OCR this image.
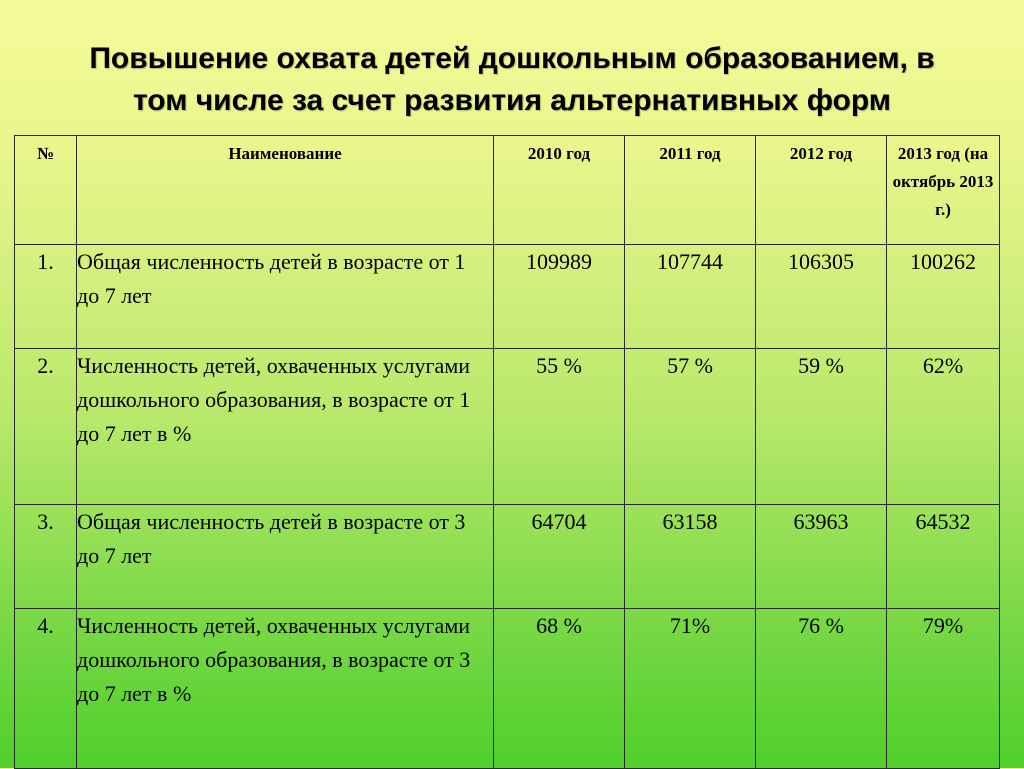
Повышение охвата детей дошкольным образованием, в
том числе за счет развития альтернативных форм
№	Наименование	2010 год	2011 год	2012 год	2013 год (на октябрь 2013 г.)
1.	Общая численность детей в возрасте от 1 до 7 лет	109989	107744	106305	100262
2.	Численность детей, охваченных услугами дошкольного образования, в возрасте от 1 до 7 лет в %	55 %	57 %	59 %	62%
3.	Общая численность детей в возрасте от 3 до 7 лет	64704	63158	63963	64532
4.	Численность детей, охваченных услугами дошкольного образования, в возрасте от 3 до 7 лет в %	68 %	71%	76 %	79%
